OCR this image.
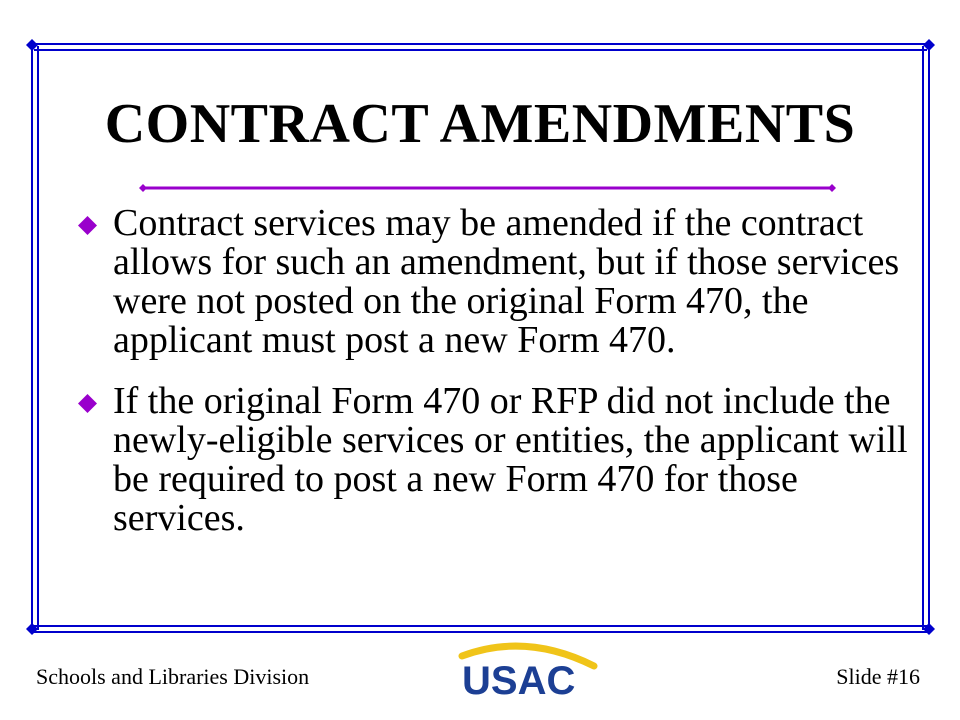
CONTRACT AMENDMENTS
Contract services may be amended if the contract allows for such an amendment, but if those services were not posted on the original Form 470, the applicant must post a new Form 470.
If the original Form 470 or RFP did not include the newly-eligible services or entities, the applicant will be required to post a new Form 470 for those services.
Schools and Libraries Division	USAC	Slide #16
